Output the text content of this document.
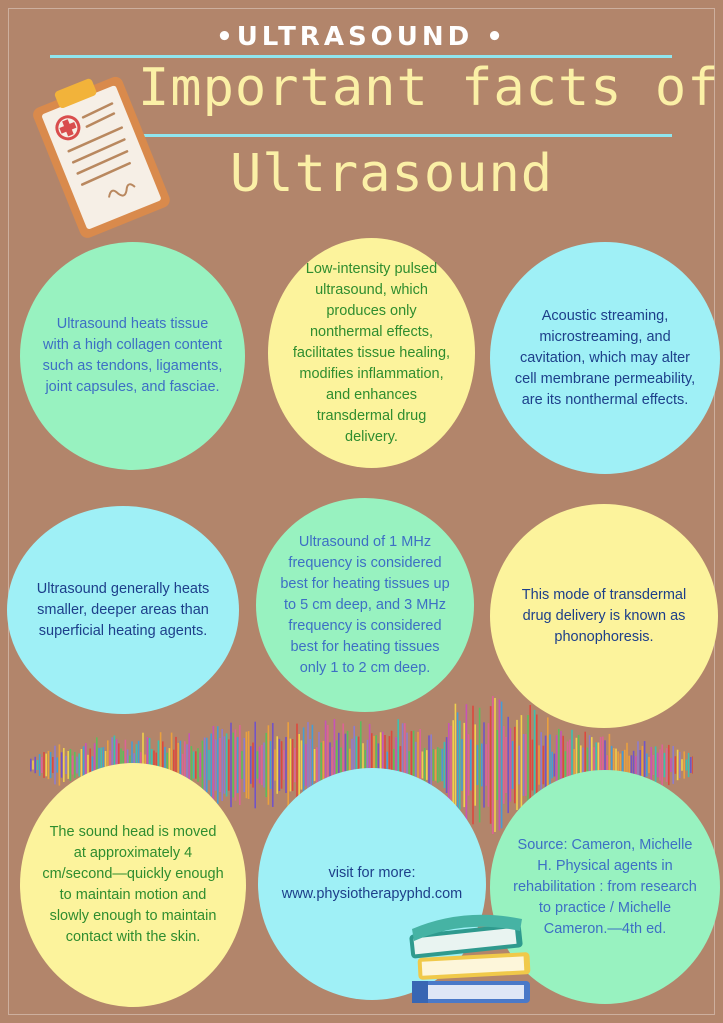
•ULTRASOUND •
Important facts of
Ultrasound
Ultrasound heats tissue with a high collagen content such as tendons, ligaments, joint capsules, and fasciae.
Low-intensity pulsed ultrasound, which produces only nonthermal effects, facilitates tissue healing, modifies inflammation, and enhances transdermal drug delivery.
Acoustic streaming, microstreaming, and cavitation, which may alter cell membrane permeability, are its nonthermal effects.
Ultrasound generally heats smaller, deeper areas than superficial heating agents.
Ultrasound of 1 MHz frequency is considered best for heating tissues up to 5 cm deep, and 3 MHz frequency is considered best for heating tissues only 1 to 2 cm deep.
This mode of transdermal drug delivery is known as phonophoresis.
The sound head is moved at approximately 4 cm/second—quickly enough to maintain motion and slowly enough to maintain contact with the skin.
visit for more:
www.physiotherapyphd.com
Source: Cameron, Michelle H. Physical agents in rehabilitation : from research to practice / Michelle Cameron.—4th ed.
